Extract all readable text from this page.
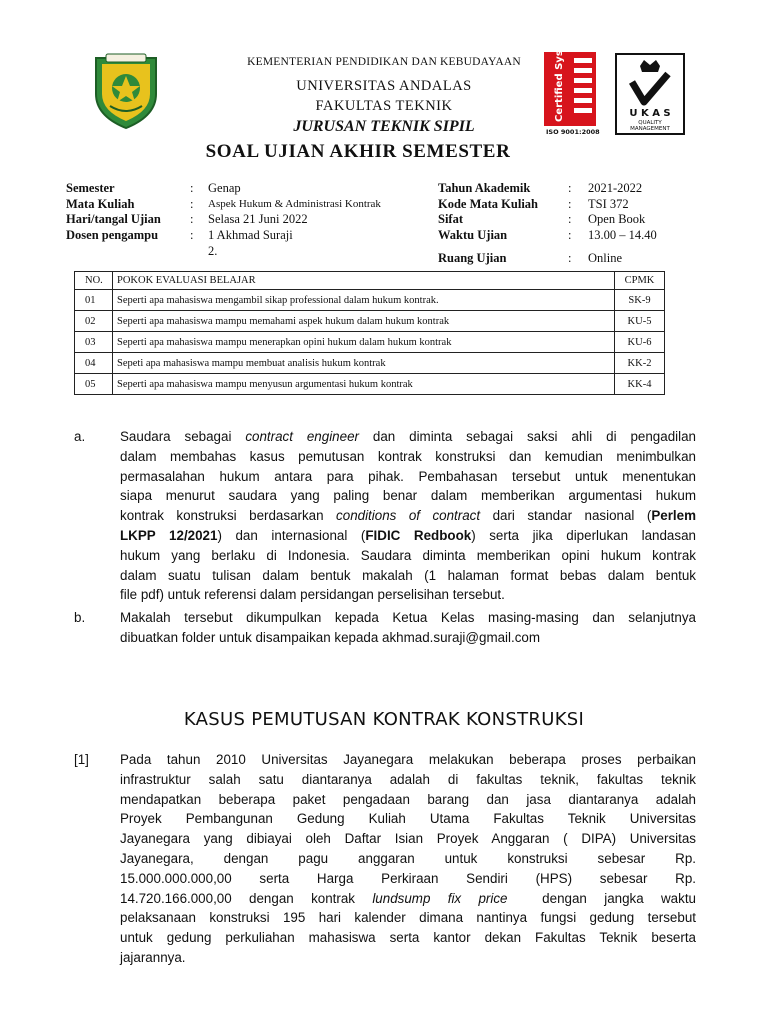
KEMENTERIAN PENDIDIKAN DAN KEBUDAYAAN
UNIVERSITAS ANDALAS
FAKULTAS TEKNIK
JURUSAN TEKNIK SIPIL
Certified System
ISO 9001:2008
U K A S
QUALITY
MANAGEMENT
SOAL UJIAN AKHIR SEMESTER
Semester	: Genap
Mata Kuliah	: Aspek Hukum & Administrasi Kontrak
Hari/tangal Ujian : Selasa 21 Juni 2022
Dosen pengampu	: 1 Akhmad Suraji
2.
Tahun Akademik	: 2021-2022
Kode Mata Kuliah : TSI 372
Sifat	: Open Book
Waktu Ujian	: 13.00 – 14.40
Ruang Ujian	: Online
NO.	POKOK EVALUASI BELAJAR	CPMK
01	Seperti apa mahasiswa mengambil sikap professional dalam hukum kontrak.	SK-9
02	Seperti apa mahasiswa mampu memahami aspek hukum dalam hukum kontrak	KU-5
03	Seperti apa mahasiswa mampu menerapkan opini hukum dalam hukum kontrak	KU-6
04	Sepeti apa mahasiswa mampu membuat analisis hukum kontrak	KK-2
05	Seperti apa mahasiswa mampu menyusun argumentasi hukum kontrak	KK-4
a.	Saudara sebagai contract engineer dan diminta sebagai saksi ahli di pengadilan
dalam membahas kasus pemutusan kontrak konstruksi dan kemudian menimbulkan
permasalahan hukum antara para pihak. Pembahasan tersebut untuk menentukan
siapa menurut saudara yang paling benar dalam memberikan argumentasi hukum
kontrak konstruksi berdasarkan conditions of contract dari standar nasional (Perlem
LKPP 12/2021) dan internasional (FIDIC Redbook) serta jika diperlukan landasan
hukum yang berlaku di Indonesia. Saudara diminta memberikan opini hukum kontrak
dalam suatu tulisan dalam bentuk makalah (1 halaman format bebas dalam bentuk
file pdf) untuk referensi dalam persidangan perselisihan tersebut.
b.	Makalah tersebut dikumpulkan kepada Ketua Kelas masing-masing dan selanjutnya
dibuatkan folder untuk disampaikan kepada akhmad.suraji@gmail.com
KASUS PEMUTUSAN KONTRAK KONSTRUKSI
[1] Pada tahun 2010 Universitas Jayanegara melakukan beberapa proses perbaikan
infrastruktur salah satu diantaranya adalah di fakultas teknik, fakultas teknik
mendapatkan beberapa paket pengadaan barang dan jasa diantaranya adalah
Proyek Pembangunan Gedung Kuliah Utama Fakultas Teknik Universitas
Jayanegara yang dibiayai oleh Daftar Isian Proyek Anggaran ( DIPA) Universitas
Jayanegara, dengan pagu anggaran untuk konstruksi sebesar Rp.
15.000.000.000,00 serta Harga Perkiraan Sendiri (HPS) sebesar Rp.
14.720.166.000,00 dengan kontrak lundsump fix price  dengan jangka waktu
pelaksanaan konstruksi 195 hari kalender dimana nantinya fungsi gedung tersebut
untuk gedung perkuliahan mahasiswa serta kantor dekan Fakultas Teknik beserta
jajarannya.
